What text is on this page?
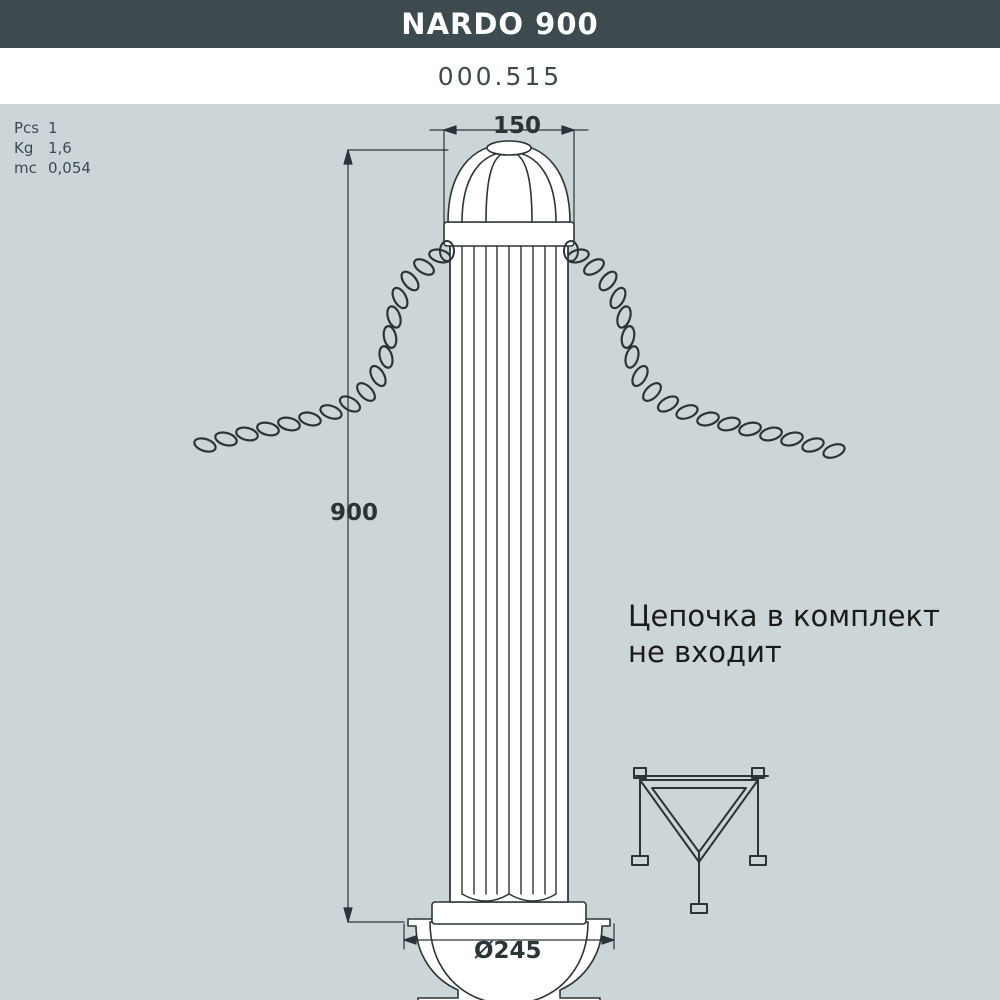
NARDO 900
000.515
Pcs 1
Kg 1,6
mc 0,054
150
900
Ø245
Цепочка в комплект не входит
